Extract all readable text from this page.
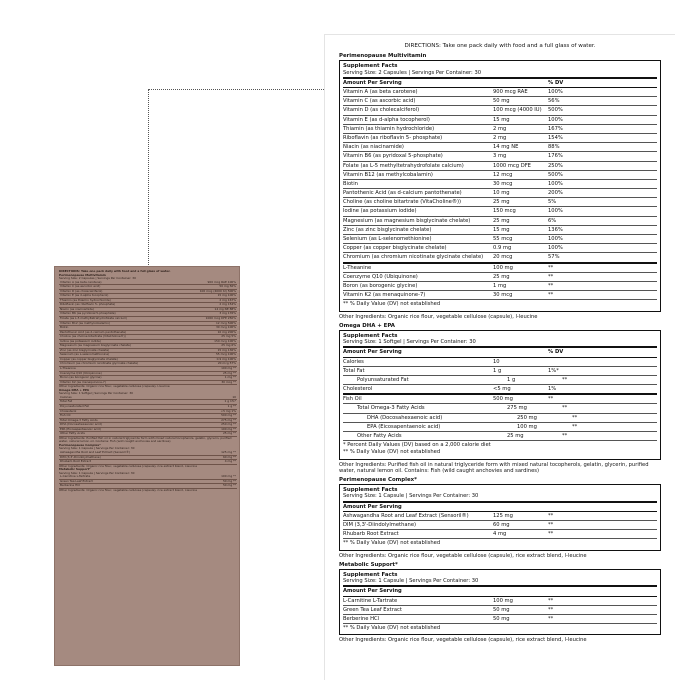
DIRECTIONS: Take one pack daily with food and a full glass of water.
Perimenopause Multivitamin
Serving Size: 2 Capsules | Servings Per Container: 30
Vitamin A (as beta carotene)	900 mcg RAE 100%
Vitamin C (as ascorbic acid)	50 mg 56%
Vitamin D (as cholecalciferol)	100 mcg (4000 IU) 500%
Vitamin E (as d-alpha tocopherol)	15 mg 100%
Thiamin (as thiamin hydrochloride)	2 mg 167%
Riboflavin (as riboflavin 5- phosphate)	2 mg 154%
Niacin (as niacinamide)	14 mg NE 88%
Vitamin B6 (as pyridoxal 5-phosphate)	3 mg 176%
Folate (as L-5 methyltetrahydrofolate calcium)	1000 mcg DFE 250%
Vitamin B12 (as methylcobalamin)	12 mcg 500%
Biotin	30 mcg 100%
Pantothenic Acid (as d-calcium pantothenate)	10 mg 200%
Choline (as choline bitartrate (VitaCholine®))	25 mg 5%
Iodine (as potassium iodide)	150 mcg 100%
Magnesium (as magnesium bisglycinate chelate)	25 mg 6%
Zinc (as zinc bisglycinate chelate)	15 mg 136%
Selenium (as L-selenomethionine)	55 mcg 100%
Copper (as copper bisglycinate chelate)	0.9 mg 100%
Chromium (as chromium nicotinate glycinate chelate)	20 mcg 57%
L-Theanine	100 mg **
Coenzyme Q10 (Ubiquinone)	25 mg **
Boron (as borogenic glycine)	1 mg **
Vitamin K2 (as menaquinone-7)	30 mcg **
Other Ingredients: Organic rice flour, vegetable cellulose (capsule), l-leucine
Omega DHA + EPA
Serving Size: 1 Softgel | Servings Per Container: 30
Calories	10
Total Fat	1 g 1%*
Polyunsaturated Fat	1 g **
Cholesterol	<5 mg 1%
Fish Oil	500 mg **
Total Omega-3 Fatty Acids	275 mg **
DHA (Docosahexaenoic acid)	250 mg **
EPA (Eicosapentaenoic acid)	100 mg **
Other Fatty Acids	25 mg **
Other Ingredients: Purified fish oil in natural triglyceride form with mixed natural tocopherols, gelatin, glycerin, purified water, natural lemon oil. Contains: Fish (wild caught anchovies and sardines)
Perimenopause Complex*
Serving Size: 1 Capsule | Servings Per Container: 30
Ashwagandha Root and Leaf Extract (Sensoril®)	125 mg **
DIM (3,3'-Diindolylmethane)	60 mg **
Rhubarb Root Extract	4 mg **
Other Ingredients: Organic rice flour, vegetable cellulose (capsule), rice extract blend, l-leucine
Metabolic Support*
Serving Size: 1 Capsule | Servings Per Container: 30
L-Carnitine L-Tartrate	100 mg **
Green Tea Leaf Extract	50 mg **
Berberine HCl	50 mg **
Other Ingredients: Organic rice flour, vegetable cellulose (capsule), rice extract blend, l-leucine
DIRECTIONS: Take one pack daily with food and a full glass of water.
Perimenopause Multivitamin
Supplement Facts
Serving Size: 2 Capsules | Servings Per Container: 30
Amount Per Serving	% DV
Vitamin A (as beta carotene)	900 mcg RAE	100%
Vitamin C (as ascorbic acid)	50 mg	56%
Vitamin D (as cholecalciferol)	100 mcg (4000 IU)	500%
Vitamin E (as d-alpha tocopherol)	15 mg	100%
Thiamin (as thiamin hydrochloride)	2 mg	167%
Riboflavin (as riboflavin 5- phosphate)	2 mg	154%
Niacin (as niacinamide)	14 mg NE	88%
Vitamin B6 (as pyridoxal 5-phosphate)	3 mg	176%
Folate (as L-5 methyltetrahydrofolate calcium)	1000 mcg DFE	250%
Vitamin B12 (as methylcobalamin)	12 mcg	500%
Biotin	30 mcg	100%
Pantothenic Acid (as d-calcium pantothenate)	10 mg	200%
Choline (as choline bitartrate (VitaCholine®))	25 mg	5%
Iodine (as potassium iodide)	150 mcg	100%
Magnesium (as magnesium bisglycinate chelate)	25 mg	6%
Zinc (as zinc bisglycinate chelate)	15 mg	136%
Selenium (as L-selenomethionine)	55 mcg	100%
Copper (as copper bisglycinate chelate)	0.9 mg	100%
Chromium (as chromium nicotinate glycinate chelate)	20 mcg	57%
L-Theanine	100 mg	**
Coenzyme Q10 (Ubiquinone)	25 mg	**
Boron (as borogenic glycine)	1 mg	**
Vitamin K2 (as menaquinone-7)	30 mcg	**
** % Daily Value (DV) not established
Other Ingredients: Organic rice flour, vegetable cellulose (capsule), l-leucine
Omega DHA + EPA
Supplement Facts
Serving Size: 1 Softgel | Servings Per Container: 30
Amount Per Serving	% DV
Calories	10
Total Fat	1 g	1%*
Polyunsaturated Fat	1 g	**
Cholesterol	<5 mg	1%
Fish Oil	500 mg	**
Total Omega-3 Fatty Acids	275 mg	**
DHA (Docosahexaenoic acid)	250 mg	**
EPA (Eicosapentaenoic acid)	100 mg	**
Other Fatty Acids	25 mg	**
* Percent Daily Values (DV) based on a 2,000 calorie diet
** % Daily Value (DV) not established
Other Ingredients: Purified fish oil in natural triglyceride form with mixed natural tocopherols, gelatin, glycerin, purified water, natural lemon oil. Contains: Fish (wild caught anchovies and sardines)
Perimenopause Complex*
Supplement Facts
Serving Size: 1 Capsule | Servings Per Container: 30
Amount Per Serving
Ashwagandha Root and Leaf Extract (Sensoril®)	125 mg	**
DIM (3,3'-Diindolylmethane)	60 mg	**
Rhubarb Root Extract	4 mg	**
** % Daily Value (DV) not established
Other Ingredients: Organic rice flour, vegetable cellulose (capsule), rice extract blend, l-leucine
Metabolic Support*
Supplement Facts
Serving Size: 1 Capsule | Servings Per Container: 30
Amount Per Serving
L-Carnitine L-Tartrate	100 mg	**
Green Tea Leaf Extract	50 mg	**
Berberine HCl	50 mg	**
** % Daily Value (DV) not established
Other Ingredients: Organic rice flour, vegetable cellulose (capsule), rice extract blend, l-leucine
